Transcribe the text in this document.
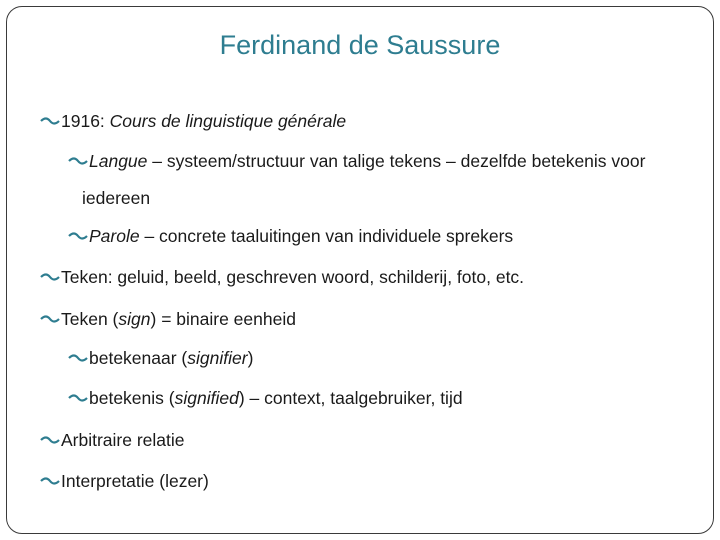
Ferdinand de Saussure
1916: Cours de linguistique générale
Langue – systeem/structuur van talige tekens – dezelfde betekenis voor
iedereen
Parole – concrete taaluitingen van individuele sprekers
Teken: geluid, beeld, geschreven woord, schilderij, foto, etc.
Teken (sign) = binaire eenheid
betekenaar (signifier)
betekenis (signified) – context, taalgebruiker, tijd
Arbitraire relatie
Interpretatie (lezer)
